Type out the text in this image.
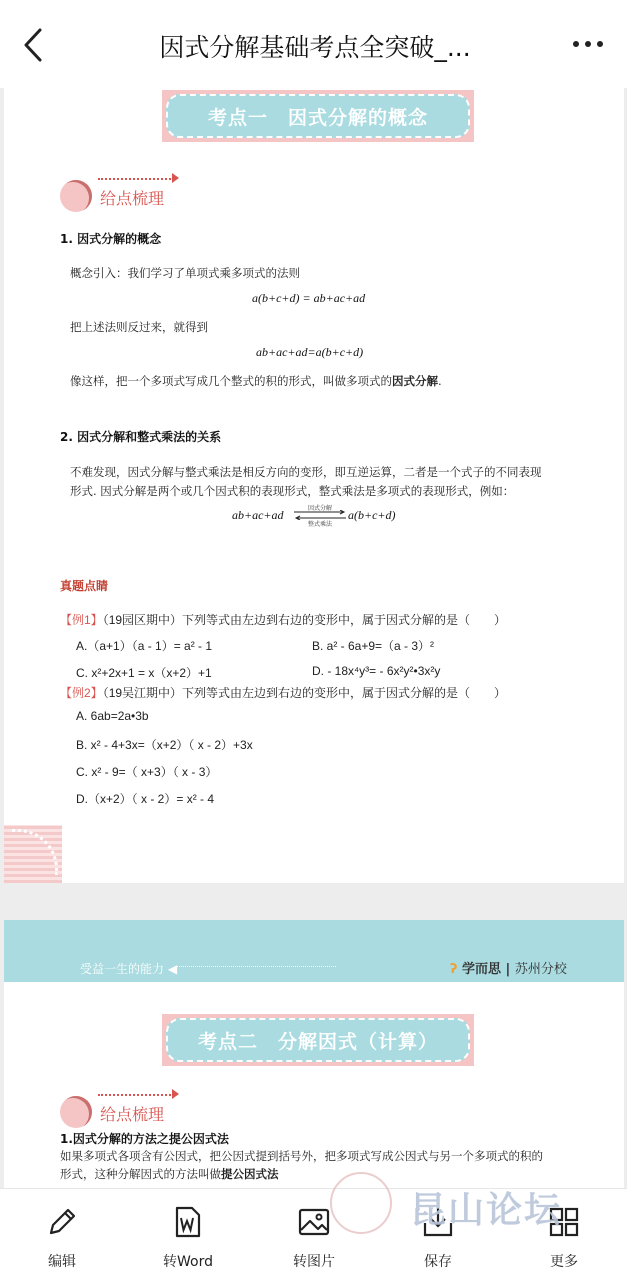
因式分解基础考点全突破_...
考点一　因式分解的概念
给点梳理
1. 因式分解的概念
概念引入：我们学习了单项式乘多项式的法则
a(b+c+d) = ab+ac+ad
把上述法则反过来，就得到
ab+ac+ad=a(b+c+d)
像这样，把一个多项式写成几个整式的积的形式，叫做多项式的因式分解.
2. 因式分解和整式乘法的关系
不难发现，因式分解与整式乘法是相反方向的变形，即互逆运算，二者是一个式子的不同表现
形式. 因式分解是两个或几个因式积的表现形式，整式乘法是多项式的表现形式，例如：
ab+ac+ad	因式分解
整式乘法
a(b+c+d)
真题点睛
【例1】（19园区期中）下列等式由左边到右边的变形中，属于因式分解的是（　　）
A.（a+1）（a - 1）= a² - 1	B. a² - 6a+9=（a - 3）²
C. x²+2x+1 = x（x+2）+1	D. - 18x⁴y³= - 6x²y²•3x²y
【例2】（19吴江期中）下列等式由左边到右边的变形中，属于因式分解的是（　　）
A. 6ab=2a•3b
B. x² - 4+3x=（x+2）（ x - 2）+3x
C. x² - 9=（ x+3）（ x - 3）
D.（x+2）（ x - 2）= x² - 4
受益一生的能力 ◀	ʔ 学而思 | 苏州分校
考点二　分解因式（计算）
给点梳理
1.因式分解的方法之提公因式法
如果多项式各项含有公因式，把公因式提到括号外，把多项式写成公因式与另一个多项式的积的
形式，这种分解因式的方法叫做提公因式法
编辑	转Word	转图片	保存	更多
昆山论坛
